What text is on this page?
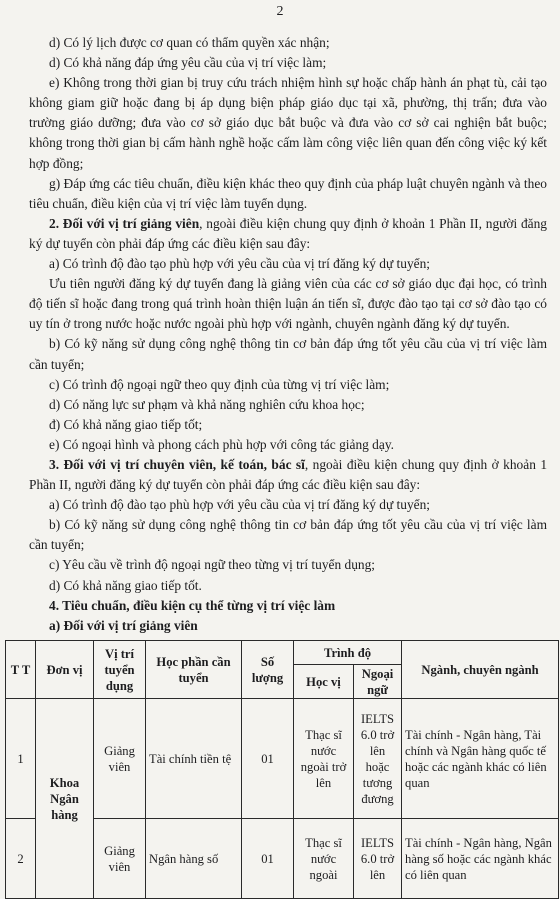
2

d) Có lý lịch được cơ quan có thẩm quyền xác nhận;

d) Có khả năng đáp ứng yêu cầu của vị trí việc làm;

e) Không trong thời gian bị truy cứu trách nhiệm hình sự hoặc chấp hành án phạt tù, cải tạo không giam giữ hoặc đang bị áp dụng biện pháp giáo dục tại xã, phường, thị trấn; đưa vào trường giáo dưỡng; đưa vào cơ sở giáo dục bắt buộc và đưa vào cơ sở cai nghiện bắt buộc; không trong thời gian bị cấm hành nghề hoặc cấm làm công việc liên quan đến công việc ký kết hợp đồng;

g) Đáp ứng các tiêu chuẩn, điều kiện khác theo quy định của pháp luật chuyên ngành và theo tiêu chuẩn, điều kiện của vị trí việc làm tuyển dụng.

2. Đối với vị trí giảng viên, ngoài điều kiện chung quy định ở khoản 1 Phần II, người đăng ký dự tuyển còn phải đáp ứng các điều kiện sau đây:

a) Có trình độ đào tạo phù hợp với yêu cầu của vị trí đăng ký dự tuyển;

Ưu tiên người đăng ký dự tuyển đang là giảng viên của các cơ sở giáo dục đại học, có trình độ tiến sĩ hoặc đang trong quá trình hoàn thiện luận án tiến sĩ, được đào tạo tại cơ sở đào tạo có uy tín ở trong nước hoặc nước ngoài phù hợp với ngành, chuyên ngành đăng ký dự tuyển.

b) Có kỹ năng sử dụng công nghệ thông tin cơ bản đáp ứng tốt yêu cầu của vị trí việc làm cần tuyển;

c) Có trình độ ngoại ngữ theo quy định của từng vị trí việc làm;

d) Có năng lực sư phạm và khả năng nghiên cứu khoa học;

đ) Có khả năng giao tiếp tốt;

e) Có ngoại hình và phong cách phù hợp với công tác giảng dạy.

3. Đối với vị trí chuyên viên, kế toán, bác sĩ, ngoài điều kiện chung quy định ở khoản 1 Phần II, người đăng ký dự tuyển còn phải đáp ứng các điều kiện sau đây:

a) Có trình độ đào tạo phù hợp với yêu cầu của vị trí đăng ký dự tuyển;

b) Có kỹ năng sử dụng công nghệ thông tin cơ bản đáp ứng tốt yêu cầu của vị trí việc làm cần tuyển;

c) Yêu cầu về trình độ ngoại ngữ theo từng vị trí tuyển dụng;

d) Có khả năng giao tiếp tốt.

4. Tiêu chuẩn, điều kiện cụ thể từng vị trí việc làm

a) Đối với vị trí giảng viên

T T	Đơn vị	Vị trí tuyển dụng	Học phần cần tuyển	Số lượng	Trình độ		Ngành, chuyên ngành
					Học vị	Ngoại ngữ	
1	Khoa Ngân hàng	Giảng viên	Tài chính tiền tệ	01	Thạc sĩ nước ngoài trở lên	IELTS 6.0 trở lên hoặc tương đương	Tài chính - Ngân hàng, Tài chính và Ngân hàng quốc tế hoặc các ngành khác có liên quan
2		Giảng viên	Ngân hàng số	01	Thạc sĩ nước ngoài	IELTS 6.0 trở lên	Tài chính - Ngân hàng, Ngân hàng số hoặc các ngành khác có liên quan
